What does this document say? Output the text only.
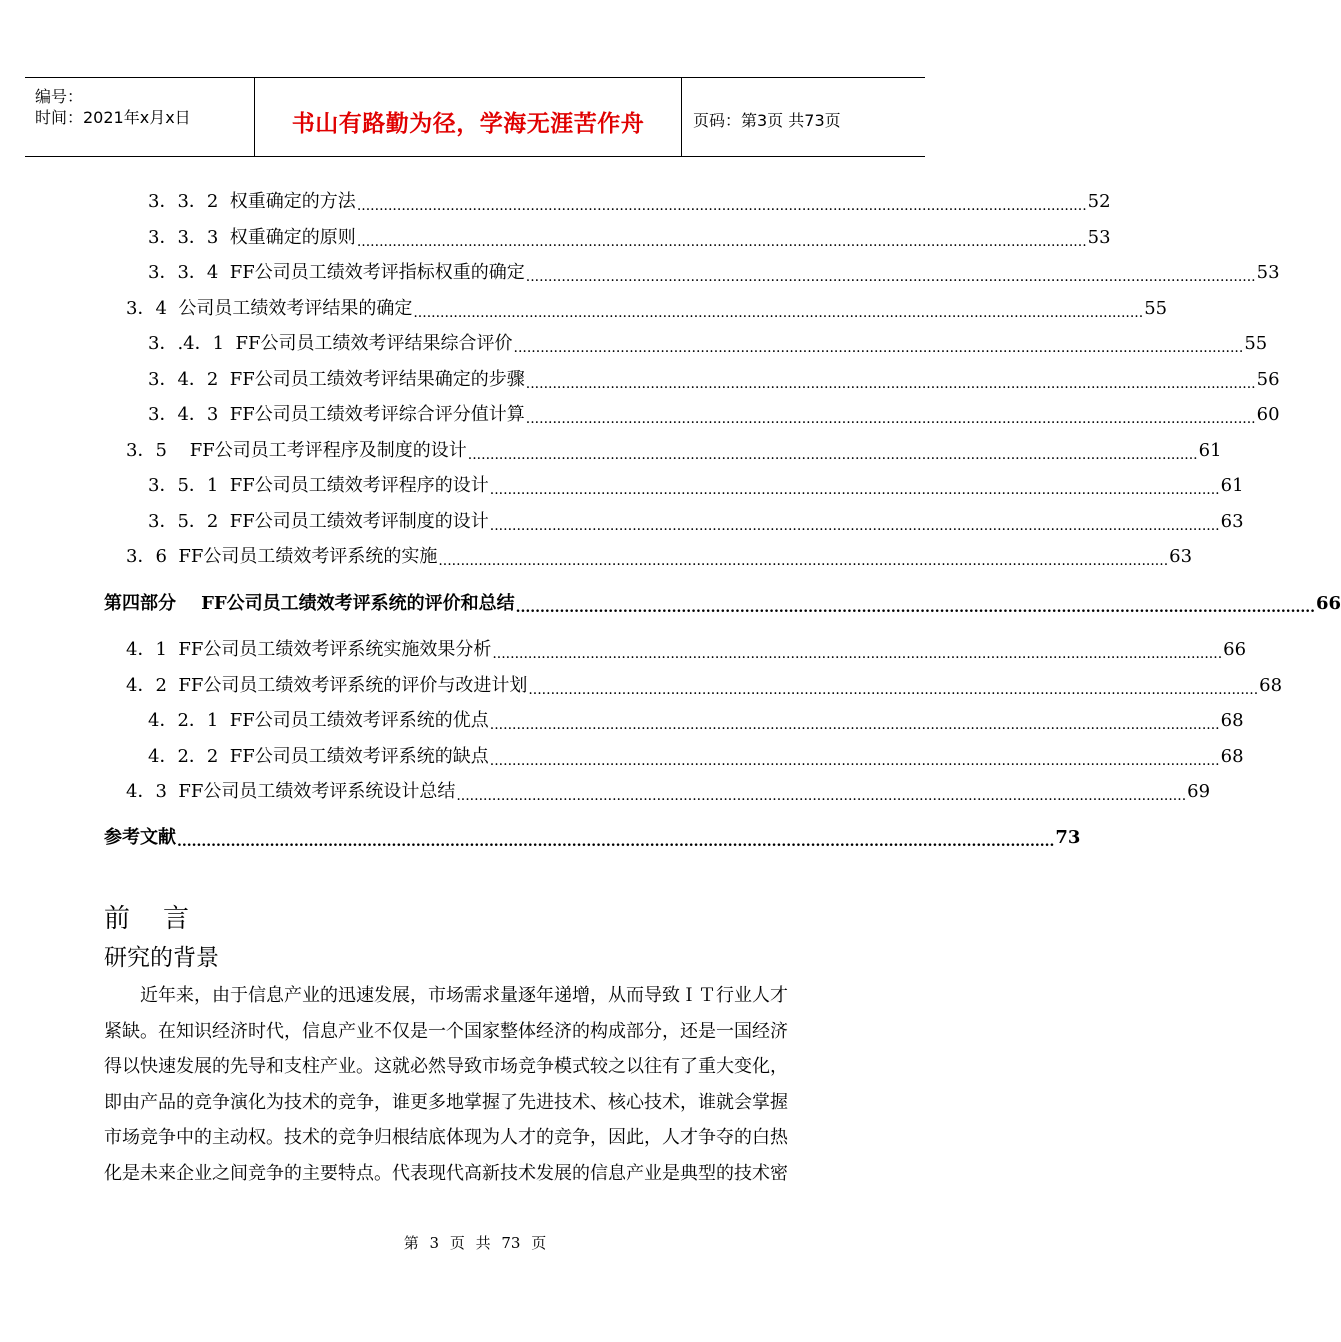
编号：
时间：2021年x月x日	书山有路勤为径，学海无涯苦作舟	页码：第3页 共73页
3．3．2  权重确定的方法 .................................................................................................................................................................... 52
3．3．3  权重确定的原则 .................................................................................................................................................................... 53
3．3．4  FF公司员工绩效考评指标权重的确定 .................................................................................................................................................................... 53
3．4  公司员工绩效考评结果的确定 .................................................................................................................................................................... 55
3．.4．1  FF公司员工绩效考评结果综合评价 .................................................................................................................................................................... 55
3．4．2  FF公司员工绩效考评结果确定的步骤 .................................................................................................................................................................... 56
3．4．3  FF公司员工绩效考评综合评分值计算 .................................................................................................................................................................... 60
3．5    FF公司员工考评程序及制度的设计 .................................................................................................................................................................... 61
3．5．1  FF公司员工绩效考评程序的设计 .................................................................................................................................................................... 61
3．5．2  FF公司员工绩效考评制度的设计 .................................................................................................................................................................... 63
3．6  FF公司员工绩效考评系统的实施 .................................................................................................................................................................... 63
第四部分    FF公司员工绩效考评系统的评价和总结 .................................................................................................................................................................... 66
4．1  FF公司员工绩效考评系统实施效果分析 .................................................................................................................................................................... 66
4．2  FF公司员工绩效考评系统的评价与改进计划 .................................................................................................................................................................... 68
4．2．1  FF公司员工绩效考评系统的优点 .................................................................................................................................................................... 68
4．2．2  FF公司员工绩效考评系统的缺点 .................................................................................................................................................................... 68
4．3  FF公司员工绩效考评系统设计总结 .................................................................................................................................................................... 69
参考文献 .................................................................................................................................................................................... 73
前    言
研究的背景
近年来，由于信息产业的迅速发展，市场需求量逐年递增，从而导致ＩＴ行业人才
紧缺。在知识经济时代，信息产业不仅是一个国家整体经济的构成部分，还是一国经济
得以快速发展的先导和支柱产业。这就必然导致市场竞争模式较之以往有了重大变化，
即由产品的竞争演化为技术的竞争，谁更多地掌握了先进技术、核心技术，谁就会掌握
市场竞争中的主动权。技术的竞争归根结底体现为人才的竞争，因此，人才争夺的白热
化是未来企业之间竞争的主要特点。代表现代高新技术发展的信息产业是典型的技术密
第 3 页 共 73 页
